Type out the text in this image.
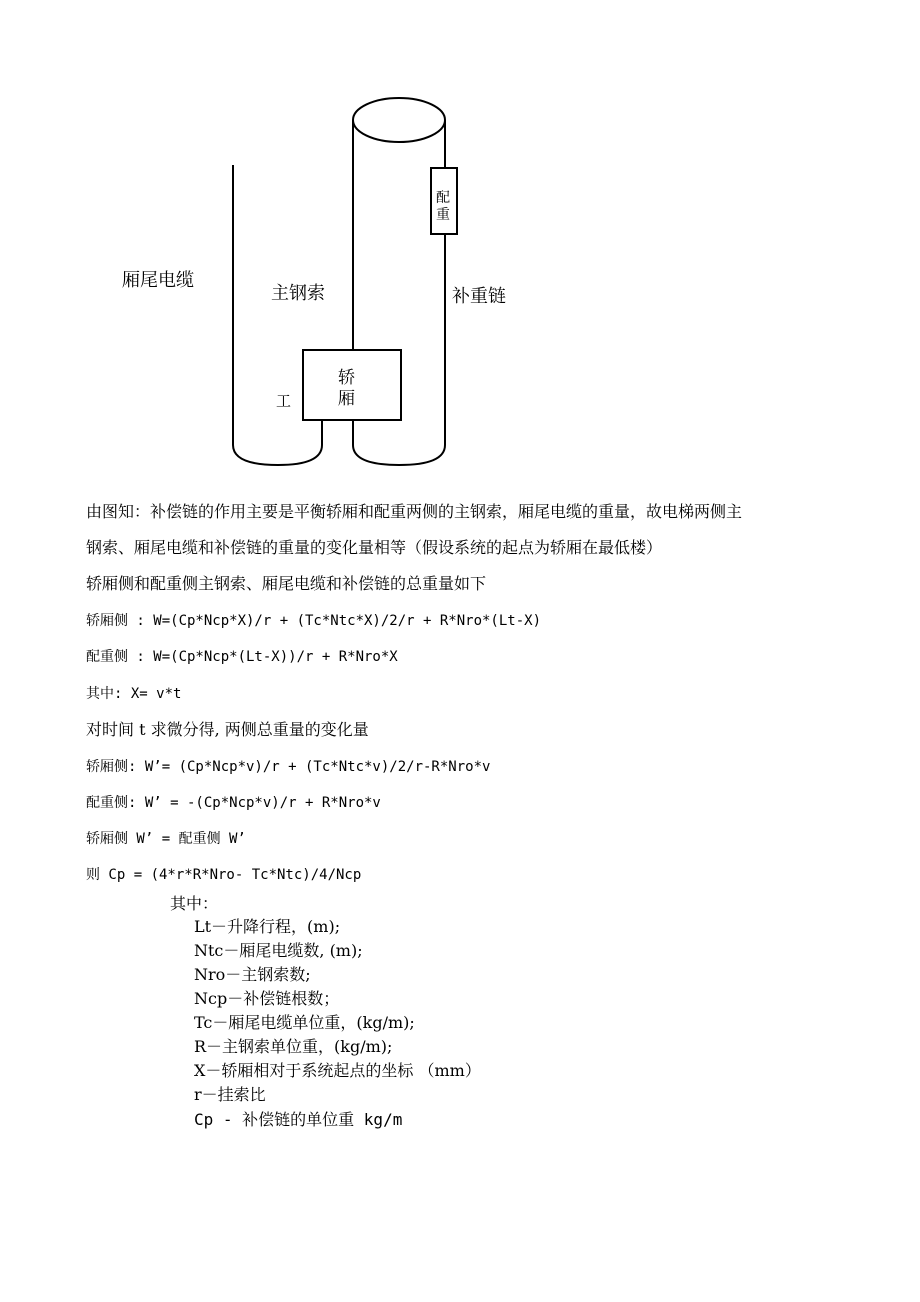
厢尾电缆
主钢索	补重链
配
重
轿
厢
工
由图知：补偿链的作用主要是平衡轿厢和配重两侧的主钢索，厢尾电缆的重量，故电梯两侧主
钢索、厢尾电缆和补偿链的重量的变化量相等（假设系统的起点为轿厢在最低楼）
轿厢侧和配重侧主钢索、厢尾电缆和补偿链的总重量如下
轿厢侧 : W=(Cp*Ncp*X)/r + (Tc*Ntc*X)/2/r + R*Nro*(Lt-X)
配重侧 : W=(Cp*Ncp*(Lt-X))/r + R*Nro*X
其中: X= v*t
对时间 t 求微分得, 两侧总重量的变化量
轿厢侧: W’= (Cp*Ncp*v)/r + (Tc*Ntc*v)/2/r-R*Nro*v
配重侧: W’ = -(Cp*Ncp*v)/r + R*Nro*v
轿厢侧 W’ = 配重侧 W’
则 Cp = (4*r*R*Nro- Tc*Ntc)/4/Ncp
其中：
Lt－升降行程，(m);
Ntc－厢尾电缆数, (m);
Nro－主钢索数;
Ncp－补偿链根数；
Tc－厢尾电缆单位重，(kg/m);
R－主钢索单位重，(kg/m);
X－轿厢相对于系统起点的坐标 （mm）
r－挂索比
Cp - 补偿链的单位重 kg/m
